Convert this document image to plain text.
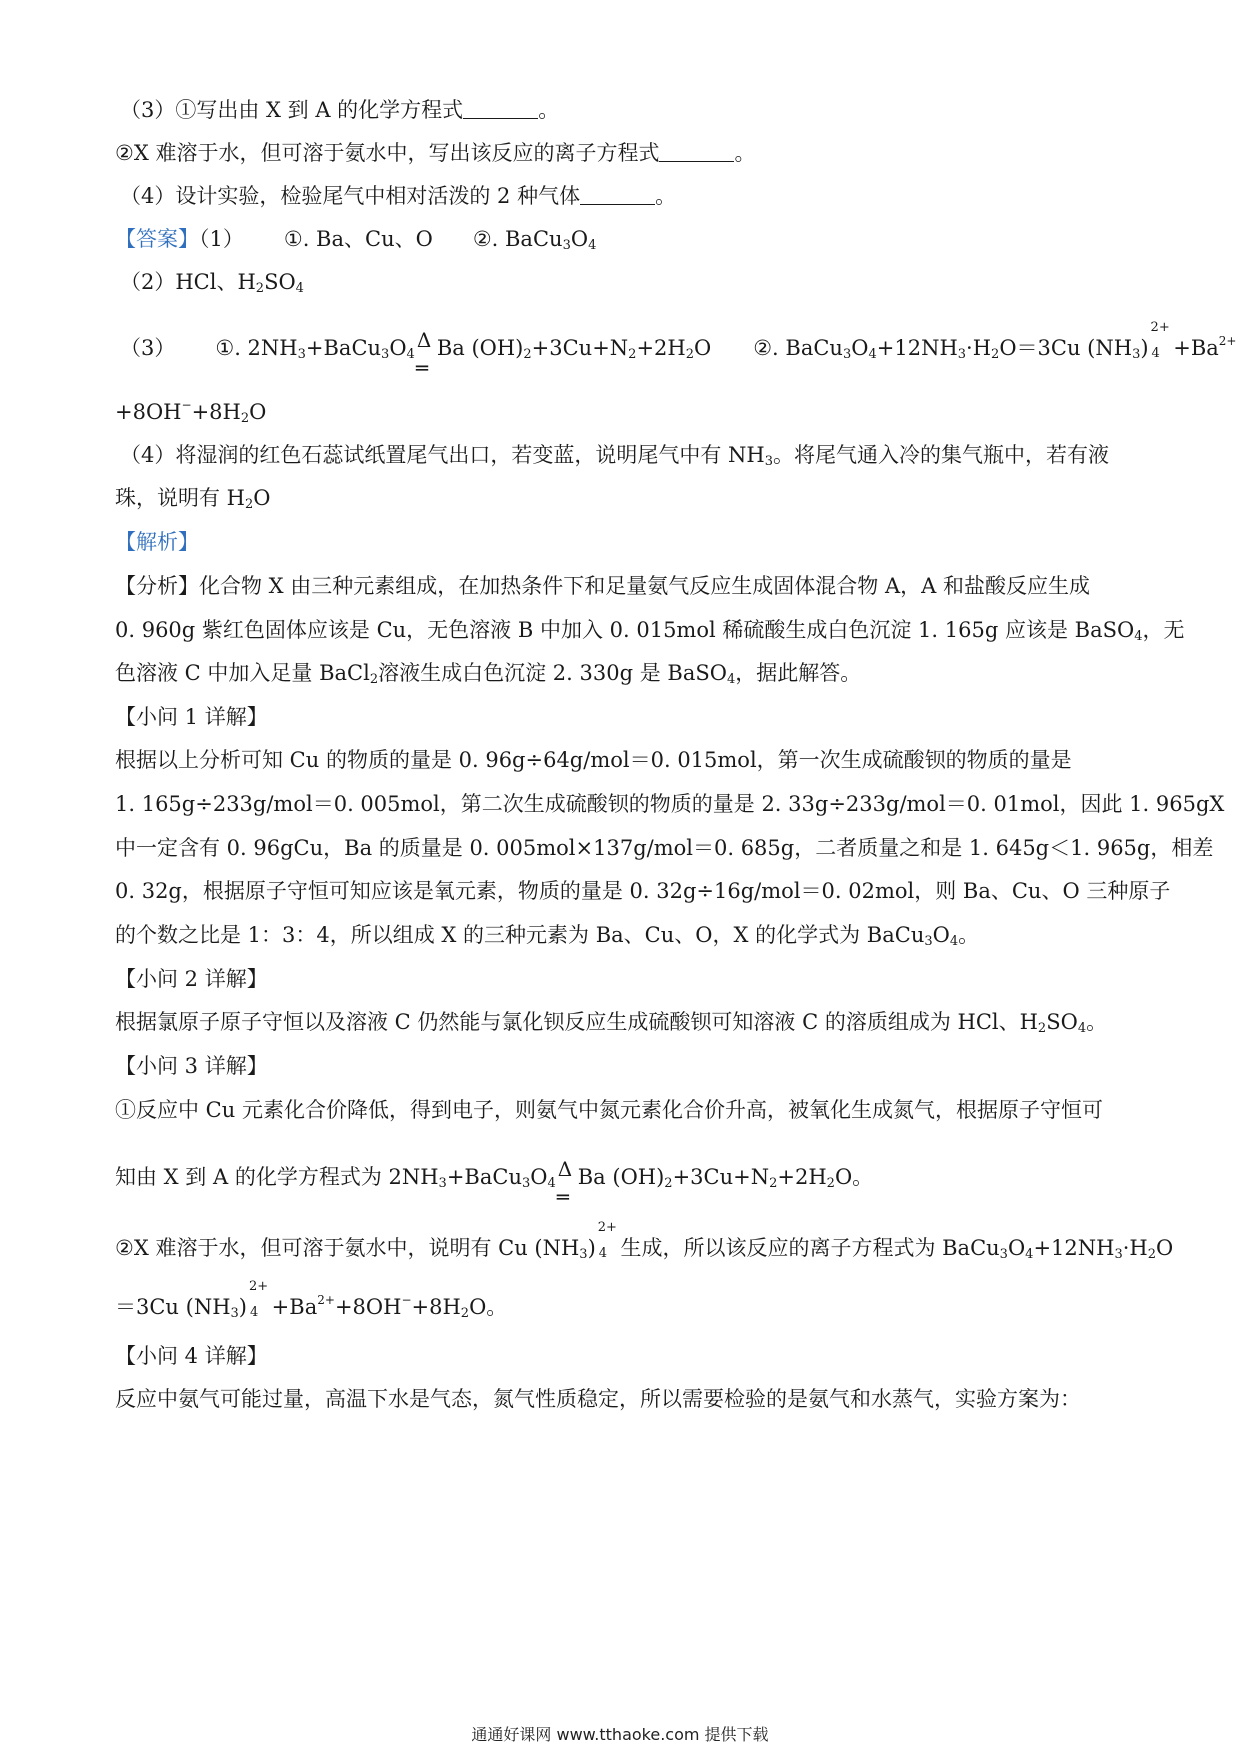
（3）①写出由 X 到 A 的化学方程式	。
②X 难溶于水，但可溶于氨水中，写出该反应的离子方程式	。
（4）设计实验，检验尾气中相对活泼的 2 种气体	。
【答案】（1） ①. Ba、Cu、O ②. $BaCu_3O_4$
（2）HCl、$H_2SO_4$
（3） ①. $2NH_3+BaCu_3O_4$
Δ
═
Ba $(OH)_2+3Cu+N_2+2H_2O$ ②. $BaCu_3O_4+12NH_3\cdot H_2O=3Cu$ $(NH_3)$
2+
$4 +Ba^{2+}$
$+8OH^-+8H_2O$
（4）将湿润的红色石蕊试纸置尾气出口，若变蓝，说明尾气中有 $NH_3$。将尾气通入冷的集气瓶中，若有液
珠，说明有 $H_2O$
【解析】
【分析】化合物 X 由三种元素组成，在加热条件下和足量氨气反应生成固体混合物 A，A 和盐酸反应生成
0. 960g 紫红色固体应该是 Cu，无色溶液 B 中加入 0. 015mol 稀硫酸生成白色沉淀 1. 165g 应该是 BaSO$_4$，无
色溶液 C 中加入足量 BaCl$_2$溶液生成白色沉淀 2. 330g 是 BaSO$_4$，据此解答。
【小问 1 详解】
根据以上分析可知 Cu 的物质的量是 0. 96g÷64g/mol＝0. 015mol，第一次生成硫酸钡的物质的量是
1. 165g÷233g/mol＝0. 005mol，第二次生成硫酸钡的物质的量是 2. 33g÷233g/mol＝0. 01mol，因此 1. 965gX
中一定含有 0. 96gCu，Ba 的质量是 0. 005mol×137g/mol＝0. 685g，二者质量之和是 1. 645g＜1. 965g，相差
0. 32g，根据原子守恒可知应该是氧元素，物质的量是 0. 32g÷16g/mol＝0. 02mol，则 Ba、Cu、O 三种原子
的个数之比是 1：3：4，所以组成 X 的三种元素为 Ba、Cu、O，X 的化学式为 $BaCu_3O_4$。
【小问 2 详解】
根据氯原子原子守恒以及溶液 C 仍然能与氯化钡反应生成硫酸钡可知溶液 C 的溶质组成为 HCl、$H_2SO_4$。
【小问 3 详解】
①反应中 Cu 元素化合价降低，得到电子，则氨气中氮元素化合价升高，被氧化生成氮气，根据原子守恒可
知由 X 到 A 的化学方程式为 $2NH_3+BaCu_3O_4$
Δ
═
Ba $(OH)_2+3Cu+N_2+2H_2O$。
②X 难溶于水，但可溶于氨水中，说明有 Cu $(NH_3)$
2+
4 生成，所以该反应的离子方程式为 $BaCu_3O_4+12NH_3\cdot H_2O$
＝3Cu $(NH_3)$
2+
$4 +Ba^{2+}+8OH^-+8H_2O$。
【小问 4 详解】
反应中氨气可能过量，高温下水是气态，氮气性质稳定，所以需要检验的是氨气和水蒸气，实验方案为：
通通好课网 www.tthaoke.com 提供下载
